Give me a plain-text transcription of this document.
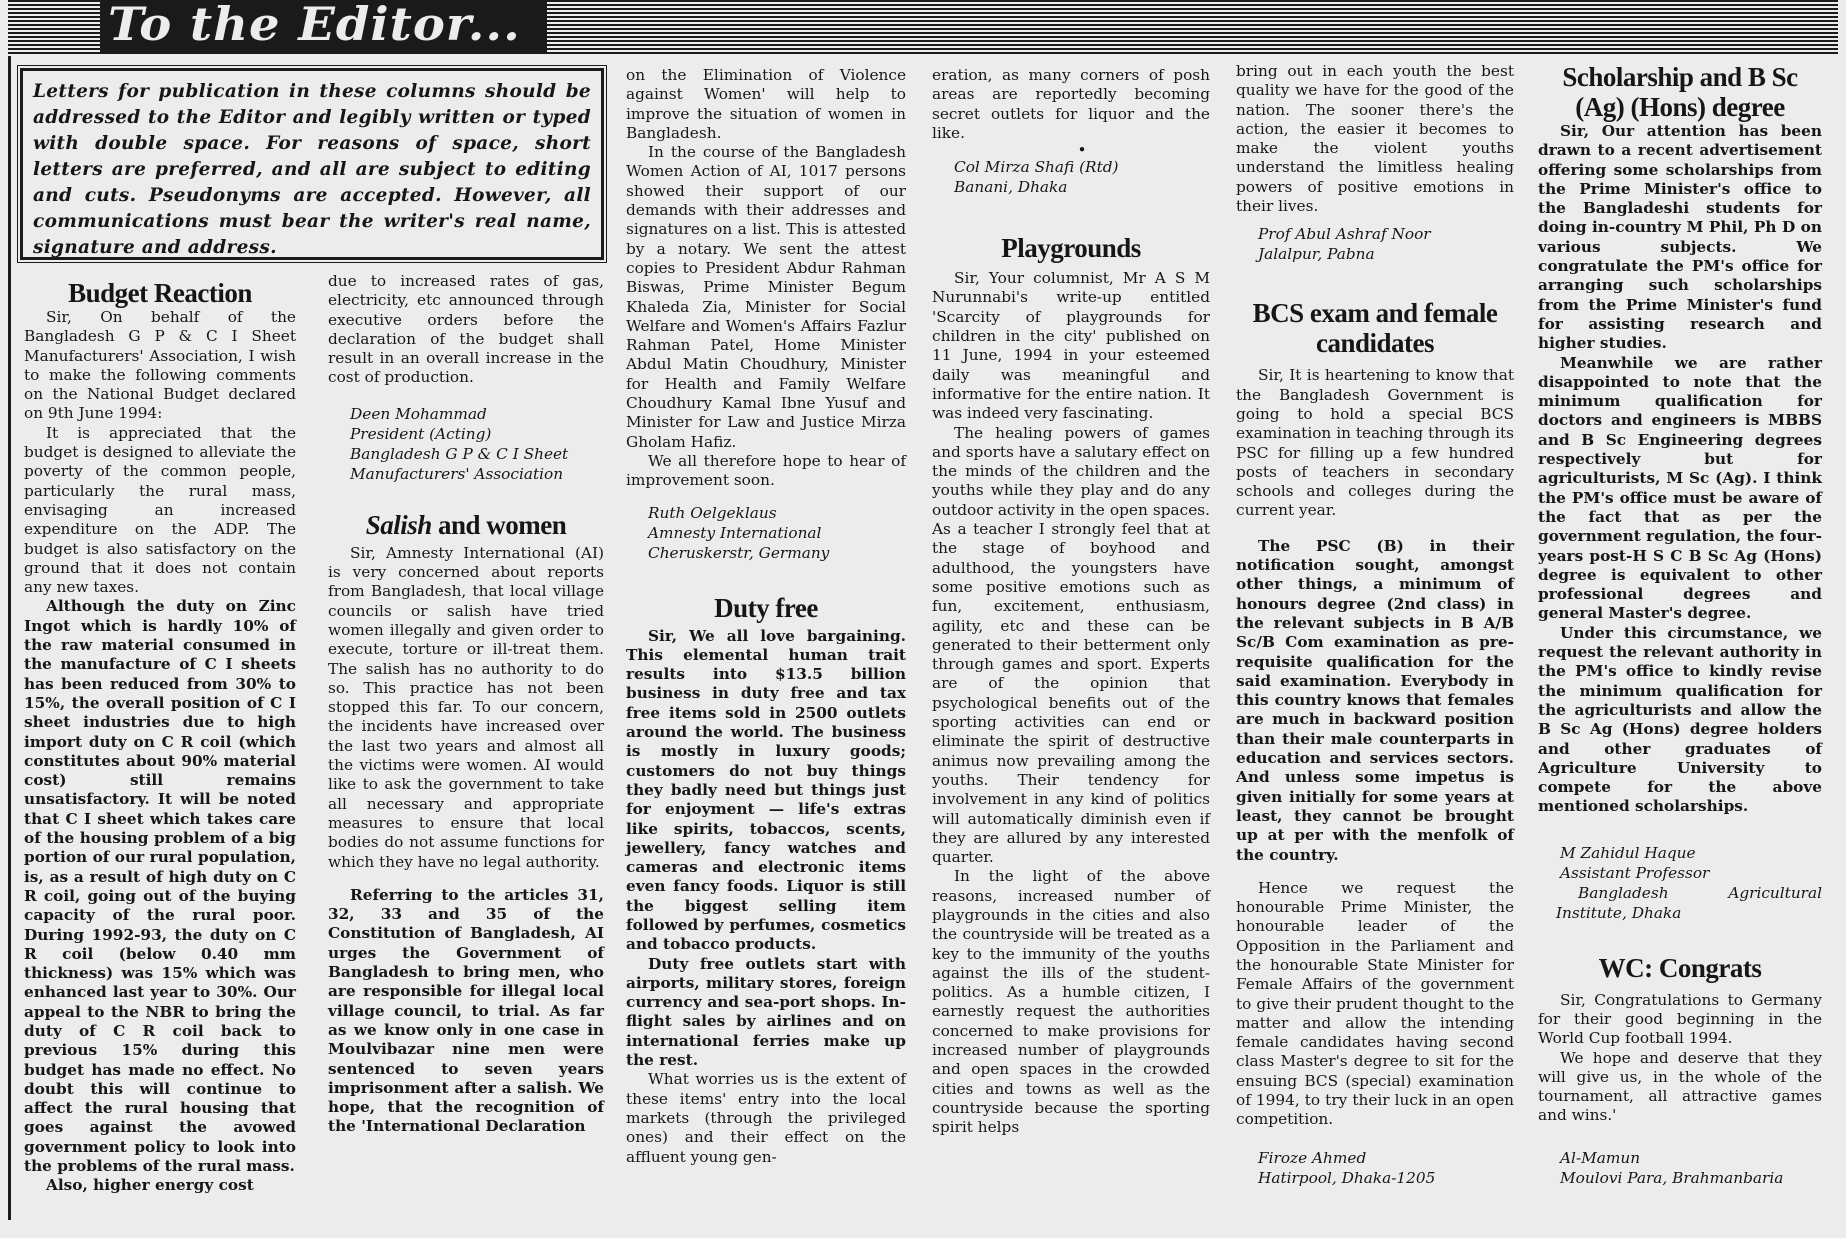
To the Editor...
Letters for publication in these columns should be addressed to the Editor and legibly written or typed with double space. For reasons of space, short letters are preferred, and all are subject to editing and cuts. Pseudonyms are accepted. However, all communications must bear the writer's real name, signature and address.
Budget Reaction

Sir, On behalf of the Bangladesh G P & C I Sheet Manufacturers' Association, I wish to make the following comments on the National Budget declared on 9th June 1994:

It is appreciated that the budget is designed to alleviate the poverty of the common people, particularly the rural mass, envisaging an increased expenditure on the ADP. The budget is also satisfactory on the ground that it does not contain any new taxes.

Although the duty on Zinc Ingot which is hardly 10% of the raw material consumed in the manufacture of C I sheets has been reduced from 30% to 15%, the overall position of C I sheet industries due to high import duty on C R coil (which constitutes about 90% material cost) still remains unsatisfactory. It will be noted that C I sheet which takes care of the housing problem of a big portion of our rural population, is, as a result of high duty on C R coil, going out of the buying capacity of the rural poor. During 1992-93, the duty on C R coil (below 0.40 mm thickness) was 15% which was enhanced last year to 30%. Our appeal to the NBR to bring the duty of C R coil back to previous 15% during this budget has made no effect. No doubt this will continue to affect the rural housing that goes against the avowed government policy to look into the problems of the rural mass.

Also, higher energy cost

due to increased rates of gas, electricity, etc announced through executive orders before the declaration of the budget shall result in an overall increase in the cost of production.

Deen Mohammad

President (Acting)

Bangladesh G P & C I Sheet

Manufacturers' Association

Salish and women

Sir, Amnesty International (AI) is very concerned about reports from Bangladesh, that local village councils or salish have tried women illegally and given order to execute, torture or ill-treat them. The salish has no authority to do so. This practice has not been stopped this far. To our concern, the incidents have increased over the last two years and almost all the victims were women. AI would like to ask the government to take all necessary and appropriate measures to ensure that local bodies do not assume functions for which they have no legal authority.

Referring to the articles 31, 32, 33 and 35 of the Constitution of Bangladesh, AI urges the Government of Bangladesh to bring men, who are responsible for illegal local village council, to trial. As far as we know only in one case in Moulvibazar nine men were sentenced to seven years imprisonment after a salish. We hope, that the recognition of the 'International Declaration

on the Elimination of Violence against Women' will help to improve the situation of women in Bangladesh.

In the course of the Bangladesh Women Action of AI, 1017 persons showed their support of our demands with their addresses and signatures on a list. This is attested by a notary. We sent the attest copies to President Abdur Rahman Biswas, Prime Minister Begum Khaleda Zia, Minister for Social Welfare and Women's Affairs Fazlur Rahman Patel, Home Minister Abdul Matin Choudhury, Minister for Health and Family Welfare Choudhury Kamal Ibne Yusuf and Minister for Law and Justice Mirza Gholam Hafiz.

We all therefore hope to hear of improvement soon.

Ruth Oelgeklaus

Amnesty International

Cheruskerstr, Germany

Duty free

Sir, We all love bargaining. This elemental human trait results into $13.5 billion business in duty free and tax free items sold in 2500 outlets around the world. The business is mostly in luxury goods; customers do not buy things they badly need but things just for enjoyment — life's extras like spirits, tobaccos, scents, jewellery, fancy watches and cameras and electronic items even fancy foods. Liquor is still the biggest selling item followed by perfumes, cosmetics and tobacco products.

Duty free outlets start with airports, military stores, foreign currency and sea-port shops. In-flight sales by airlines and on international ferries make up the rest.

What worries us is the extent of these items' entry into the local markets (through the privileged ones) and their effect on the affluent young gen-

eration, as many corners of posh areas are reportedly becoming secret outlets for liquor and the like.

•

Col Mirza Shafi (Rtd)

Banani, Dhaka

Playgrounds

Sir, Your columnist, Mr A S M Nurunnabi's write-up entitled 'Scarcity of playgrounds for children in the city' published on 11 June, 1994 in your esteemed daily was meaningful and informative for the entire nation. It was indeed very fascinating.

The healing powers of games and sports have a salutary effect on the minds of the children and the youths while they play and do any outdoor activity in the open spaces. As a teacher I strongly feel that at the stage of boyhood and adulthood, the youngsters have some positive emotions such as fun, excitement, enthusiasm, agility, etc and these can be generated to their betterment only through games and sport. Experts are of the opinion that psychological benefits out of the sporting activities can end or eliminate the spirit of destructive animus now prevailing among the youths. Their tendency for involvement in any kind of politics will automatically diminish even if they are allured by any interested quarter.

In the light of the above reasons, increased number of playgrounds in the cities and also the countryside will be treated as a key to the immunity of the youths against the ills of the student-politics. As a humble citizen, I earnestly request the authorities concerned to make provisions for increased number of playgrounds and open spaces in the crowded cities and towns as well as the countryside because the sporting spirit helps

bring out in each youth the best quality we have for the good of the nation. The sooner there's the action, the easier it becomes to make the violent youths understand the limitless healing powers of positive emotions in their lives.

Prof Abul Ashraf Noor

Jalalpur, Pabna

BCS exam and female candidates

Sir, It is heartening to know that the Bangladesh Government is going to hold a special BCS examination in teaching through its PSC for filling up a few hundred posts of teachers in secondary schools and colleges during the current year.

The PSC (B) in their notification sought, amongst other things, a minimum of honours degree (2nd class) in the relevant subjects in B A/B Sc/B Com examination as pre-requisite qualification for the said examination. Everybody in this country knows that females are much in backward position than their male counterparts in education and services sectors. And unless some impetus is given initially for some years at least, they cannot be brought up at per with the menfolk of the country.

Hence we request the honourable Prime Minister, the honourable leader of the Opposition in the Parliament and the honourable State Minister for Female Affairs of the government to give their prudent thought to the matter and allow the intending female candidates having second class Master's degree to sit for the ensuing BCS (special) examination of 1994, to try their luck in an open competition.

Firoze Ahmed

Hatirpool, Dhaka-1205

Scholarship and B Sc (Ag) (Hons) degree

Sir, Our attention has been drawn to a recent advertisement offering some scholarships from the Prime Minister's office to the Bangladeshi students for doing in-country M Phil, Ph D on various subjects. We congratulate the PM's office for arranging such scholarships from the Prime Minister's fund for assisting research and higher studies.

Meanwhile we are rather disappointed to note that the minimum qualification for doctors and engineers is MBBS and B Sc Engineering degrees respectively but for agriculturists, M Sc (Ag). I think the PM's office must be aware of the fact that as per the government regulation, the four-years post-H S C B Sc Ag (Hons) degree is equivalent to other professional degrees and general Master's degree.

Under this circumstance, we request the relevant authority in the PM's office to kindly revise the minimum qualification for the agriculturists and allow the B Sc Ag (Hons) degree holders and other graduates of Agriculture University to compete for the above mentioned scholarships.

M Zahidul Haque

Assistant Professor

Bangladesh Agricultural Institute, Dhaka

WC: Congrats

Sir, Congratulations to Germany for their good beginning in the World Cup football 1994.

We hope and deserve that they will give us, in the whole of the tournament, all attractive games and wins.'

Al-Mamun

Moulovi Para, Brahmanbaria
